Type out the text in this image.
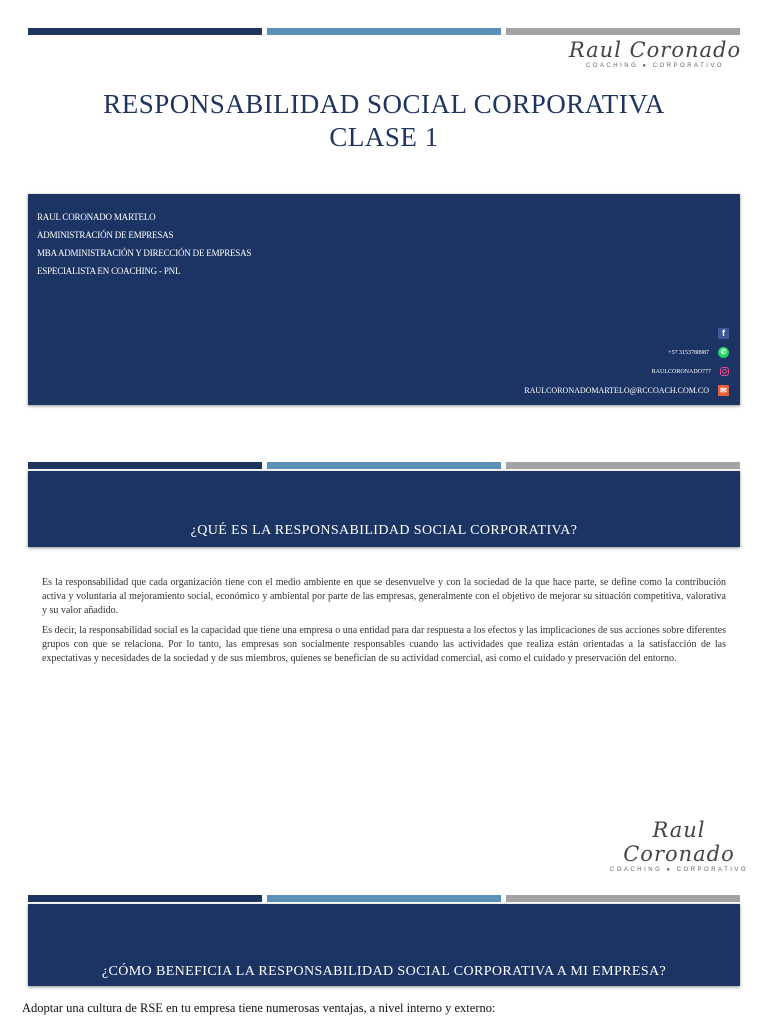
Raul Coronado
COACHING ● CORPORATIVO
RESPONSABILIDAD SOCIAL CORPORATIVA
CLASE 1
RAUL CORONADO MARTELO
ADMINISTRACIÓN DE EMPRESAS
MBA ADMINISTRACIÓN Y DIRECCIÓN DE EMPRESAS
ESPECIALISTA EN COACHING - PNL
f
+57 3153788987	✆
RAULCORONADO777
RAULCORONADOMARTELO@RCCOACH.COM.CO ✉
¿QUÉ ES LA RESPONSABILIDAD SOCIAL CORPORATIVA?

Es la responsabilidad que cada organización tiene con el medio ambiente en que se desenvuelve y con la sociedad de la que hace parte, se define como la contribución activa y voluntaria al mejoramiento social, económico y ambiental por parte de las empresas, generalmente con el objetivo de mejorar su situación competitiva, valorativa y su valor añadido.

Es decir, la responsabilidad social es la capacidad que tiene una empresa o una entidad para dar respuesta a los efectos y las implicaciones de sus acciones sobre diferentes grupos con que se relaciona. Por lo tanto, las empresas son socialmente responsables cuando las actividades que realiza están orientadas a la satisfacción de las expectativas y necesidades de la sociedad y de sus miembros, quienes se benefician de su actividad comercial, así como el cuidado y preservación del entorno.

Raul Coronado
COACHING ● CORPORATIVO
¿CÓMO BENEFICIA LA RESPONSABILIDAD SOCIAL CORPORATIVA A MI EMPRESA?
Adoptar una cultura de RSE en tu empresa tiene numerosas ventajas, a nivel interno y externo:
